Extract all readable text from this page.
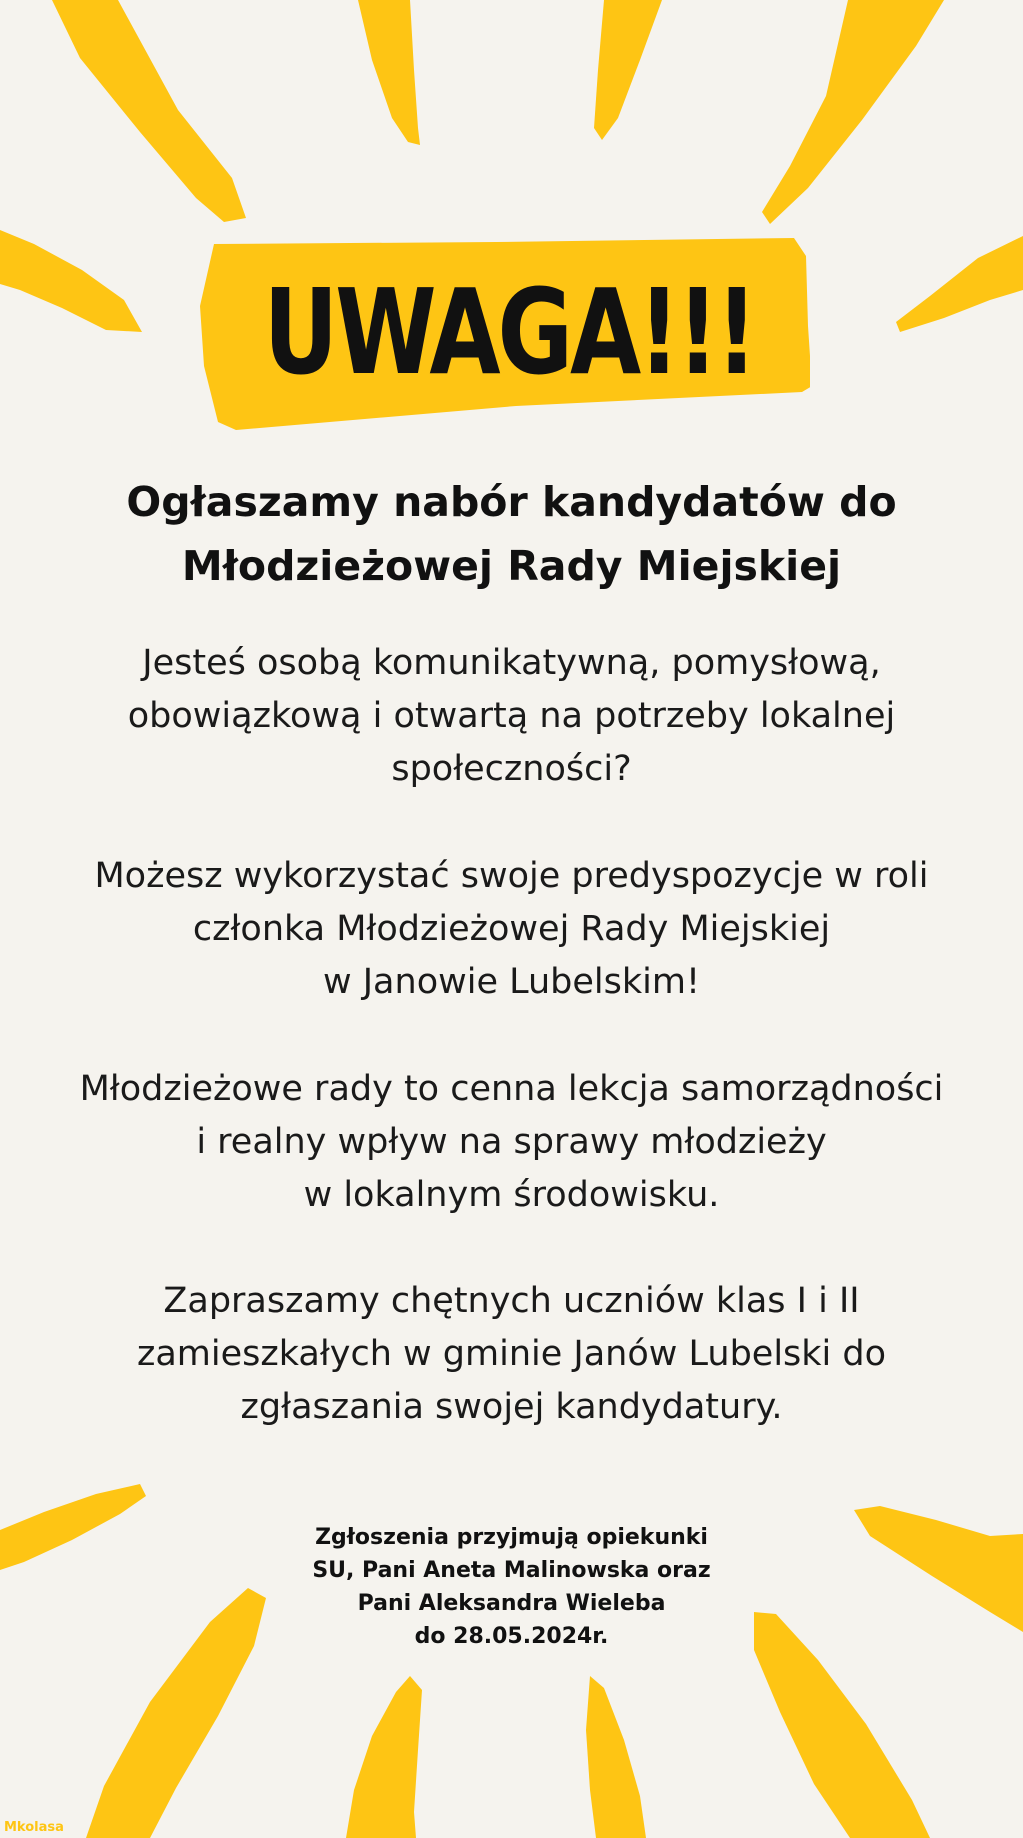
UWAGA!!!
Ogłaszamy nabór kandydatów do
Młodzieżowej Rady Miejskiej
Jesteś osobą komunikatywną, pomysłową,
obowiązkową i otwartą na potrzeby lokalnej
społeczności?
Możesz wykorzystać swoje predyspozycje w roli
członka Młodzieżowej Rady Miejskiej
w Janowie Lubelskim!
Młodzieżowe rady to cenna lekcja samorządności
i realny wpływ na sprawy młodzieży
w lokalnym środowisku.
Zapraszamy chętnych uczniów klas I i II
zamieszkałych w gminie Janów Lubelski do
zgłaszania swojej kandydatury.
Zgłoszenia przyjmują opiekunki
SU, Pani Aneta Malinowska oraz
Pani Aleksandra Wieleba
do 28.05.2024r.
Mkolasa
